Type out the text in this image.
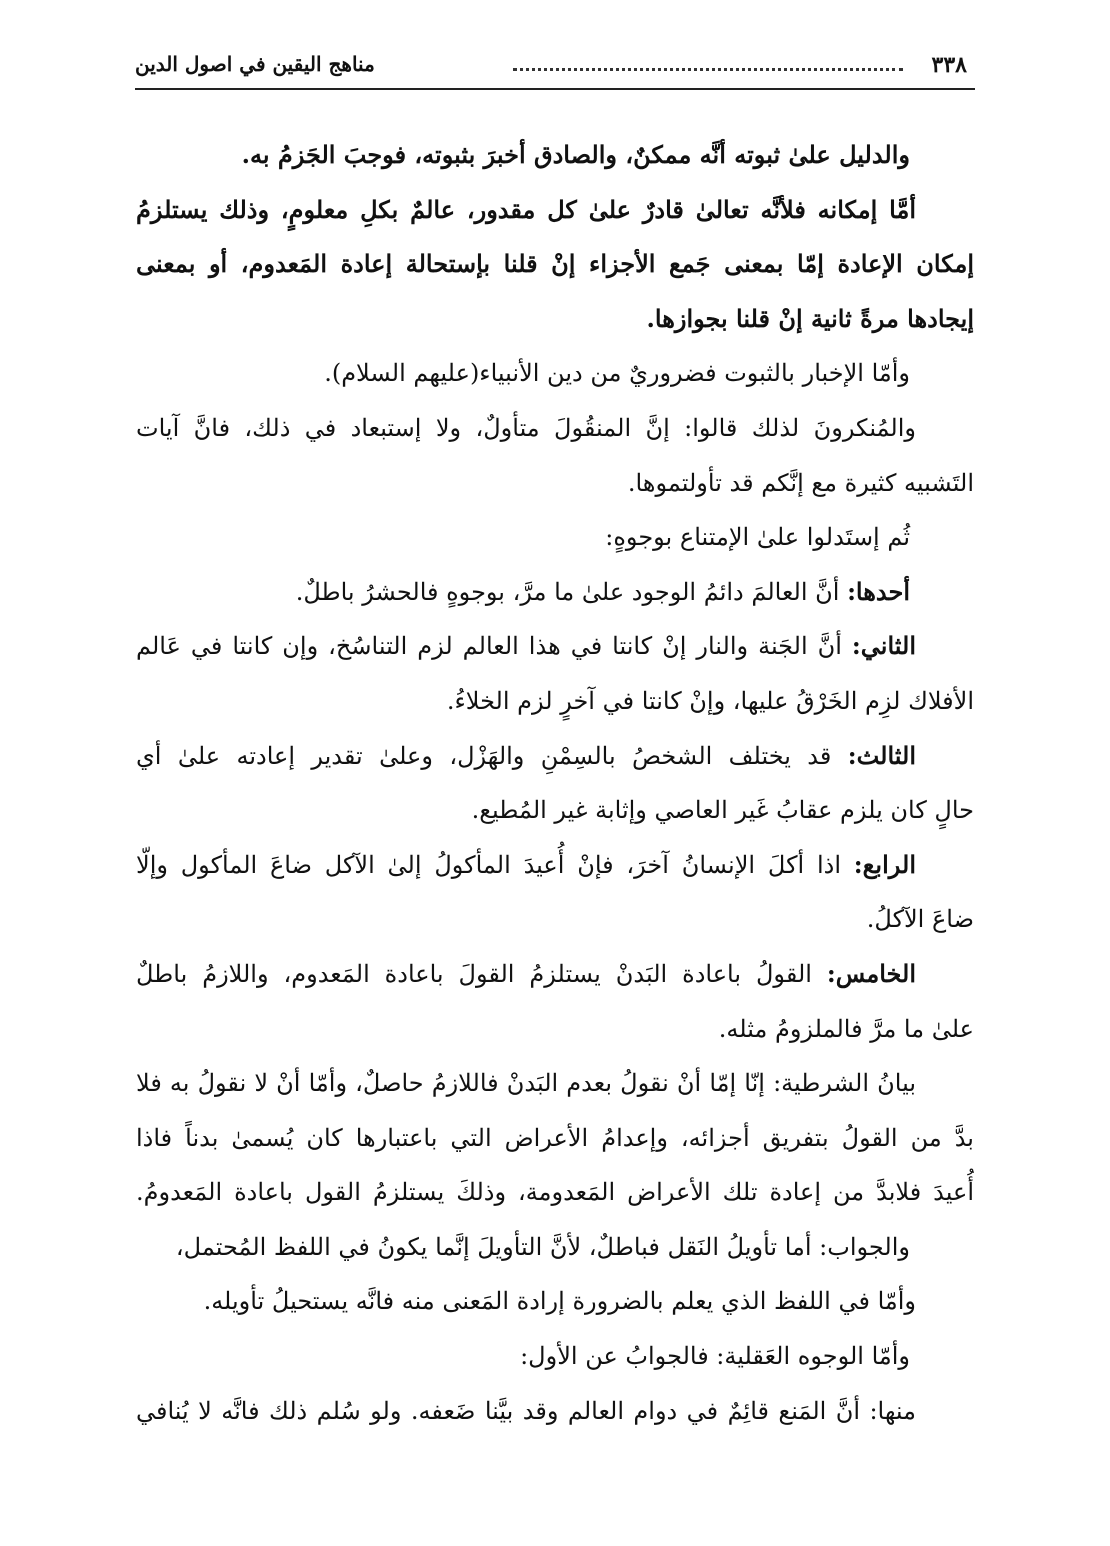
٣٣٨
مناهج اليقين في اصول الدين
والدليل علىٰ ثبوته أنَّه ممكنٌ، والصادق أخبرَ بثبوته، فوجبَ الجَزمُ به.
أمَّا إمكانه فلأنَّه تعالىٰ قادرٌ علىٰ كل مقدور، عالمٌ بكلِ معلومٍ، وذلك يستلزمُ
إمكان الإعادة إمّا بمعنى جَمع الأجزاء إنْ قلنا بإستحالة إعادة المَعدوم، أو بمعنى
إيجادها مرةً ثانية إنْ قلنا بجوازها.
وأمّا الإخبار بالثبوت فضروريٌ من دين الأنبياء(عليهم السلام).
والمُنكرونَ لذلك قالوا: إنَّ المنقُولَ متأولٌ، ولا إستبعاد في ذلك، فانَّ آيات
التَشبيه كثيرة مع إنَّكم قد تأولتموها.
ثُم إستَدلوا علىٰ الإمتناع بوجوهٍ:
أحدها: أنَّ العالمَ دائمُ الوجود علىٰ ما مرَّ، بوجوهٍ فالحشرُ باطلٌ.
الثاني: أنَّ الجَنة والنار إنْ كانتا في هذا العالم لزم التناسُخ، وإن كانتا في عَالم
الأفلاك لزِم الخَرْقُ عليها، وإنْ كانتا في آخرٍ لزم الخلاءُ.
الثالث: قد يختلف الشخصُ بالسِمْنِ والهَزْل، وعلىٰ تقدير إعادته علىٰ أي
حالٍ كان يلزم عقابُ غَير العاصي وإثابة غير المُطيع.
الرابع: اذا أكلَ الإنسانُ آخرَ، فإنْ أُعيدَ المأكولُ إلىٰ الآكل ضاعَ المأكول وإلّا
ضاعَ الآكلُ.
الخامس: القولُ باعادة البَدنْ يستلزمُ القولَ باعادة المَعدوم، واللازمُ باطلٌ
علىٰ ما مرَّ فالملزومُ مثله.
بيانُ الشرطية: إنّا إمّا أنْ نقولُ بعدم البَدنْ فاللازمُ حاصلٌ، وأمّا أنْ لا نقولُ به فلا
بدَّ من القولُ بتفريق أجزائه، وإعدامُ الأعراض التي باعتبارها كان يُسمىٰ بدناً فاذا
أُعيدَ فلابدَّ من إعادة تلك الأعراض المَعدومة، وذلكَ يستلزمُ القول باعادة المَعدومُ.
والجواب: أما تأويلُ النَقل فباطلٌ، لأنَّ التأويلَ إنَّما يكونُ في اللفظ المُحتمل،
وأمّا في اللفظ الذي يعلم بالضرورة إرادة المَعنى منه فانَّه يستحيلُ تأويله.
وأمّا الوجوه العَقلية: فالجوابُ عن الأول:
منها: أنَّ المَنع قائِمٌ في دوام العالم وقد بيَّنا ضَعفه. ولو سُلم ذلك فانَّه لا يُنافي
